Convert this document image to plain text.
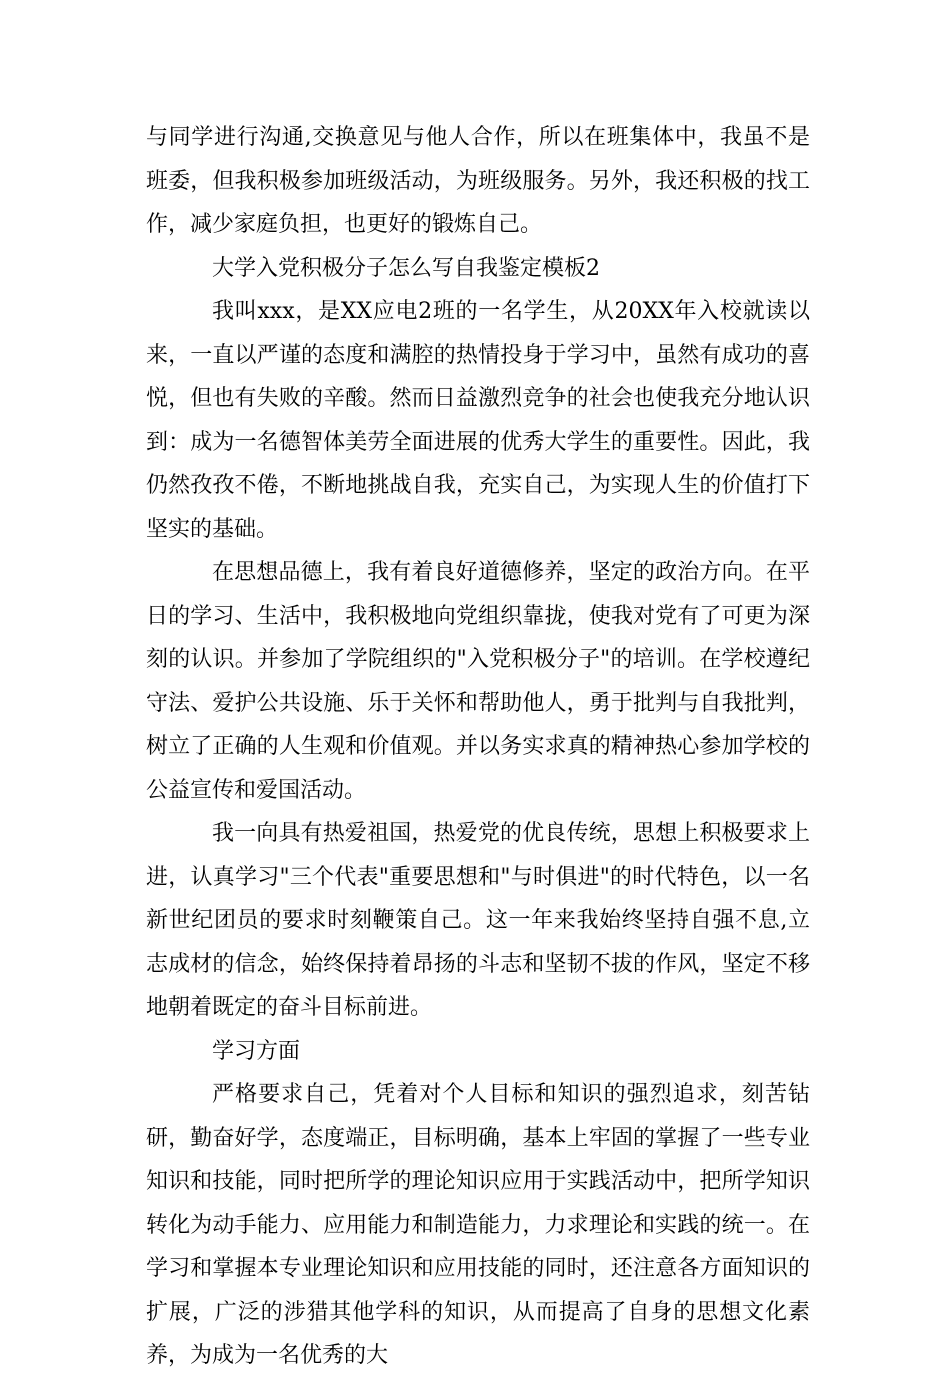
与同学进行沟通,交换意见与他人合作，所以在班集体中，我虽不是班委，但我积极参加班级活动，为班级服务。另外，我还积极的找工作，减少家庭负担，也更好的锻炼自己。

大学入党积极分子怎么写自我鉴定模板2

我叫xxx，是XX应电2班的一名学生，从20XX年入校就读以来，一直以严谨的态度和满腔的热情投身于学习中，虽然有成功的喜悦，但也有失败的辛酸。然而日益激烈竞争的社会也使我充分地认识到：成为一名德智体美劳全面进展的优秀大学生的重要性。因此，我仍然孜孜不倦，不断地挑战自我，充实自己，为实现人生的价值打下坚实的基础。

在思想品德上，我有着良好道德修养，坚定的政治方向。在平日的学习、生活中，我积极地向党组织靠拢，使我对党有了可更为深刻的认识。并参加了学院组织的"入党积极分子"的培训。在学校遵纪守法、爱护公共设施、乐于关怀和帮助他人，勇于批判与自我批判，树立了正确的人生观和价值观。并以务实求真的精神热心参加学校的公益宣传和爱国活动。

我一向具有热爱祖国，热爱党的优良传统，思想上积极要求上进，认真学习"三个代表"重要思想和"与时俱进"的时代特色，以一名新世纪团员的要求时刻鞭策自己。这一年来我始终坚持自强不息,立志成材的信念，始终保持着昂扬的斗志和坚韧不拔的作风，坚定不移地朝着既定的奋斗目标前进。

学习方面

严格要求自己，凭着对个人目标和知识的强烈追求，刻苦钻研，勤奋好学，态度端正，目标明确，基本上牢固的掌握了一些专业知识和技能，同时把所学的理论知识应用于实践活动中，把所学知识转化为动手能力、应用能力和制造能力，力求理论和实践的统一。在学习和掌握本专业理论知识和应用技能的同时，还注意各方面知识的扩展，广泛的涉猎其他学科的知识，从而提高了自身的思想文化素养，为成为一名优秀的大
